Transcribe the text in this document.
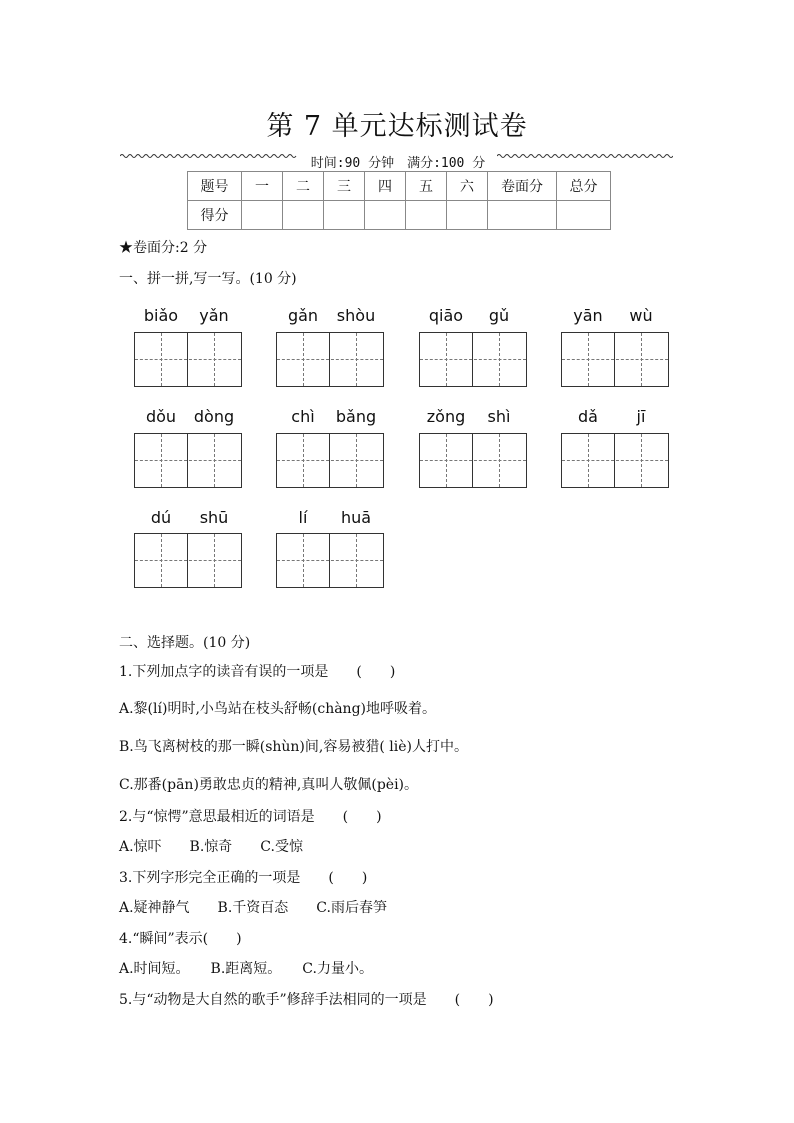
第 7 单元达标测试卷
时间:90 分钟　满分:100 分
题号	一	二	三	四	五	六	卷面分	总分
得分								
★卷面分:2 分
一、拼一拼,写一写。(10 分)
biǎo	yǎn	gǎn	shòu	qiāo	gǔ	yān	wù
dǒu	dòng	chì	bǎng	zǒng	shì	dǎ	jī
dú	shū	lí	huā
二、选择题。(10 分)
1.下列加点字的读音有误的一项是　　(　　)
A.黎(lí)明时,小鸟站在枝头舒畅(chàng)地呼吸着。
B.鸟飞离树枝的那一瞬(shùn)间,容易被猎( liè)人打中。
C.那番(pān)勇敢忠贞的精神,真叫人敬佩(pèi)。
2.与“惊愕”意思最相近的词语是　　(　　)
A.惊吓　　B.惊奇　　C.受惊
3.下列字形完全正确的一项是　　(　　)
A.疑神静气　　B.千资百态　　C.雨后春笋
4.“瞬间”表示(　　)
A.时间短。　　B.距离短。　　C.力量小。
5.与“动物是大自然的歌手”修辞手法相同的一项是　　(　　)
